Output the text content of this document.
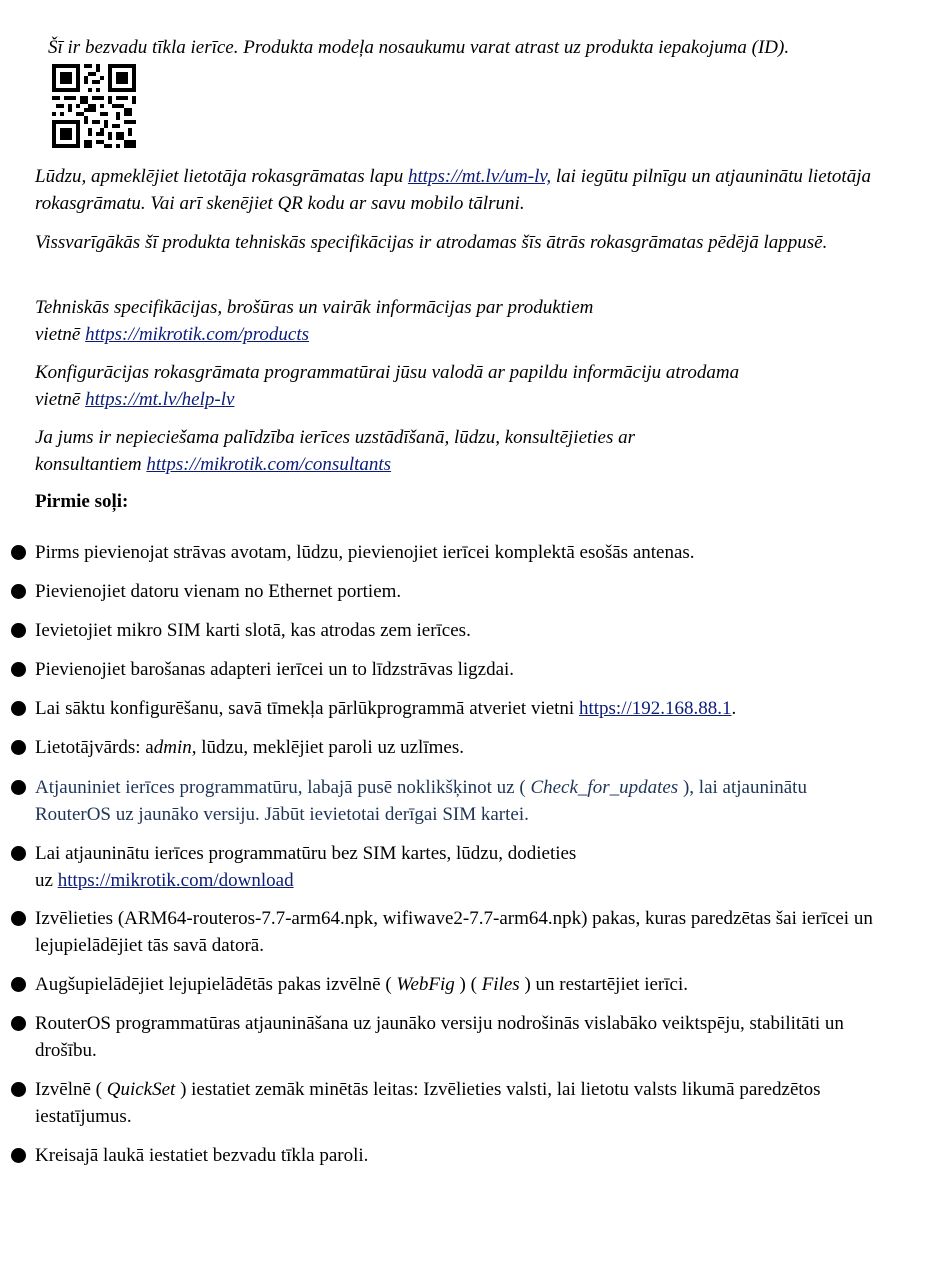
Šī ir bezvadu tīkla ierīce. Produkta modeļa nosaukumu varat atrast uz produkta iepakojuma (ID).
Lūdzu, apmeklējiet lietotāja rokasgrāmatas lapu https://mt.lv/um-lv, lai iegūtu pilnīgu un atjauninātu lietotāja rokasgrāmatu. Vai arī skenējiet QR kodu ar savu mobilo tālruni.
Vissvarīgākās šī produkta tehniskās specifikācijas ir atrodamas šīs ātrās rokasgrāmatas pēdējā lappusē.
Tehniskās specifikācijas, brošūras un vairāk informācijas par produktiem
vietnē https://mikrotik.com/products
Konfigurācijas rokasgrāmata programmatūrai jūsu valodā ar papildu informāciju atrodama
vietnē https://mt.lv/help-lv
Ja jums ir nepieciešama palīdzība ierīces uzstādīšanā, lūdzu, konsultējieties ar
konsultantiem https://mikrotik.com/consultants
Pirmie soļi:
Pirms pievienojat strāvas avotam, lūdzu, pievienojiet ierīcei komplektā esošās antenas.
Pievienojiet datoru vienam no Ethernet portiem.
Ievietojiet mikro SIM karti slotā, kas atrodas zem ierīces.
Pievienojiet barošanas adapteri ierīcei un to līdzstrāvas ligzdai.
Lai sāktu konfigurēšanu, savā tīmekļa pārlūkprogrammā atveriet vietni https://192.168.88.1.
Lietotājvārds: admin, lūdzu, meklējiet paroli uz uzlīmes.
Atjauniniet ierīces programmatūru, labajā pusē noklikšķinot uz ( Check_for_updates ), lai atjauninātu RouterOS uz jaunāko versiju. Jābūt ievietotai derīgai SIM kartei.
Lai atjauninātu ierīces programmatūru bez SIM kartes, lūdzu, dodieties
uz https://mikrotik.com/download
Izvēlieties (ARM64-routeros-7.7-arm64.npk, wifiwave2-7.7-arm64.npk) pakas, kuras paredzētas šai ierīcei un lejupielādējiet tās savā datorā.
Augšupielādējiet lejupielādētās pakas izvēlnē ( WebFig ) ( Files ) un restartējiet ierīci.
RouterOS programmatūras atjaunināšana uz jaunāko versiju nodrošinās vislabāko veiktspēju, stabilitāti un drošību.
Izvēlnē ( QuickSet ) iestatiet zemāk minētās leitas: Izvēlieties valsti, lai lietotu valsts likumā paredzētos iestatījumus.
Kreisajā laukā iestatiet bezvadu tīkla paroli.
